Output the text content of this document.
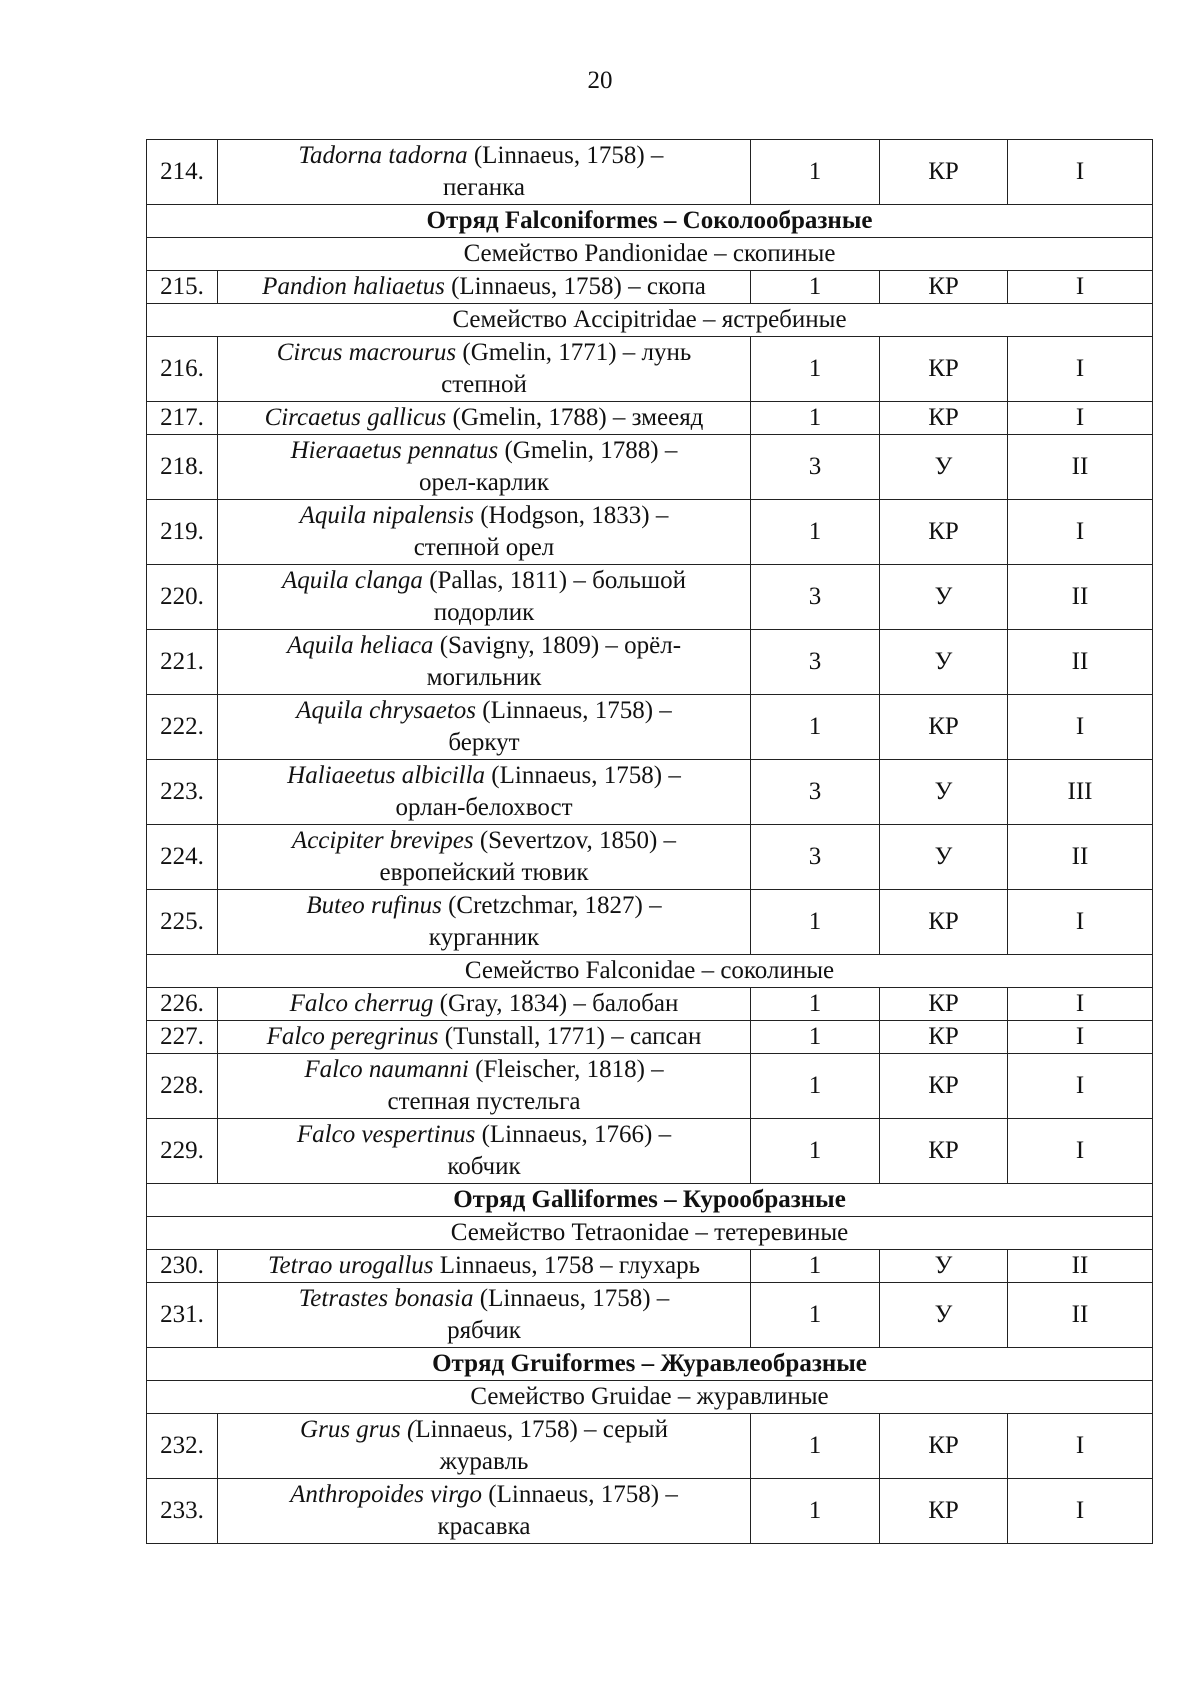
20
214.	Tadorna tadorna (Linnaeus, 1758) –
пеганка	1	КР	I
Отряд Falconiformes – Соколообразные				
Семейство Pandionidae – скопиные				
215.	Pandion haliaetus (Linnaeus, 1758) – скопа	1	КР	I
Семейство Accipitridae – ястребиные				
216.	Circus macrourus (Gmelin, 1771) – лунь
степной	1	КР	I
217.	Circaetus gallicus (Gmelin, 1788) – змееяд	1	КР	I
218.	Hieraaetus pennatus (Gmelin, 1788) –
орел-карлик	3	У	II
219.	Aquila nipalensis (Hodgson, 1833) –
степной орел	1	КР	I
220.	Aquila clanga (Pallas, 1811) – большой
подорлик	3	У	II
221.	Aquila heliaca (Savigny, 1809) – орёл-
могильник	3	У	II
222.	Aquila chrysaetos (Linnaeus, 1758) –
беркут	1	КР	I
223.	Haliaeetus albicilla (Linnaeus, 1758) –
орлан-белохвост	3	У	III
224.	Accipiter brevipes (Severtzov, 1850) –
европейский тювик	3	У	II
225.	Buteo rufinus (Cretzchmar, 1827) –
курганник	1	КР	I
Семейство Falconidae – соколиные				
226.	Falco cherrug (Gray, 1834) – балобан	1	КР	I
227.	Falco peregrinus (Tunstall, 1771) – сапсан	1	КР	I
228.	Falco naumanni (Fleischer, 1818) –
степная пустельга	1	КР	I
229.	Falco vespertinus (Linnaeus, 1766) –
кобчик	1	КР	I
Отряд Galliformes – Курообразные				
Семейство Tetraonidae – тетеревиные				
230.	Tetrao urogallus Linnaeus, 1758 – глухарь	1	У	II
231.	Tetrastes bonasia (Linnaeus, 1758) –
рябчик	1	У	II
Отряд Gruiformes – Журавлеобразные				
Семейство Gruidae – журавлиные				
232.	Grus grus (Linnaeus, 1758) – серый
журавль	1	КР	I
233.	Anthropoides virgo (Linnaeus, 1758) –
красавка	1	КР	I
